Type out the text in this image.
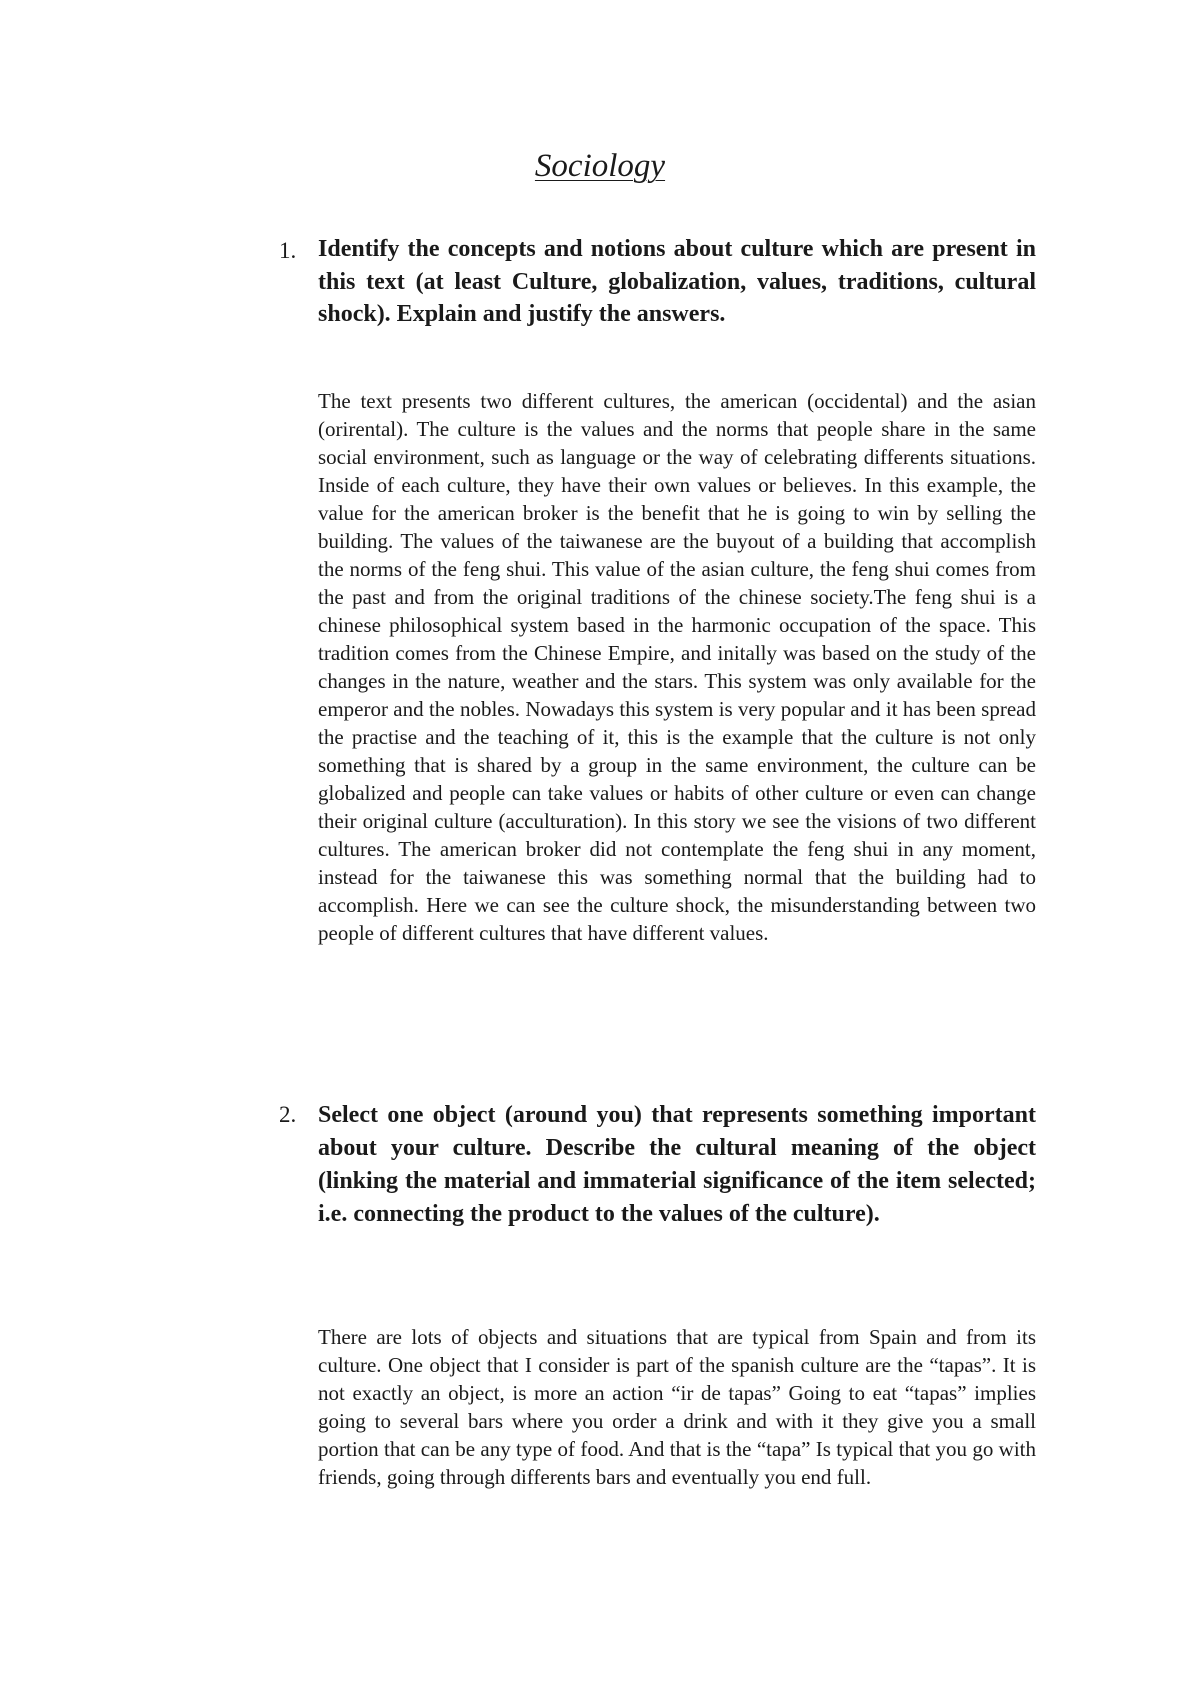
Sociology
1. Identify the concepts and notions about culture which are present in this text (at least Culture, globalization, values, traditions, cultural shock). Explain and justify the answers.

The text presents two different cultures, the american (occidental) and the asian (orirental). The culture is the values and the norms that people share in the same social environment, such as language or the way of celebrating differents situations. Inside of each culture, they have their own values or believes. In this example, the value for the american broker is the benefit that he is going to win by selling the building. The values of the taiwanese are the buyout of a building that accomplish the norms of the feng shui. This value of the asian culture, the feng shui comes from the past and from the original traditions of the chinese society.The feng shui is a chinese philosophical system based in the harmonic occupation of the space. This tradition comes from the Chinese Empire, and initally was based on the study of the changes in the nature, weather and the stars. This system was only available for the emperor and the nobles. Nowadays this system is very popular and it has been spread the practise and the teaching of it, this is the example that the culture is not only something that is shared by a group in the same environment, the culture can be globalized and people can take values or habits of other culture or even can change their original culture (acculturation). In this story we see the visions of two different cultures. The american broker did not contemplate the feng shui in any moment, instead for the taiwanese this was something normal that the building had to accomplish. Here we can see the culture shock, the misunderstanding between two people of different cultures that have different values.

2. Select one object (around you) that represents something important about your culture. Describe the cultural meaning of the object (linking the material and immaterial significance of the item selected; i.e. connecting the product to the values of the culture).

There are lots of objects and situations that are typical from Spain and from its culture. One object that I consider is part of the spanish culture are the “tapas”. It is not exactly an object, is more an action “ir de tapas” Going to eat “tapas” implies going to several bars where you order a drink and with it they give you a small portion that can be any type of food. And that is the “tapa” Is typical that you go with friends, going through differents bars and eventually you end full.
